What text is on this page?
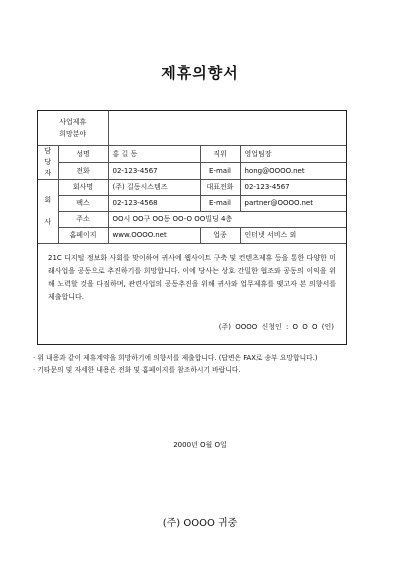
제휴의향서
사업제휴
희망분야				
담
당
자	성명	홍 길 동	직위	영업팀장
	전화	02-123-4567	E-mail	hong@OOOO.net
회

사	회사명	(주) 길동시스템즈	대표전화	02-123-4567
	팩스	02-123-4568	E-mail	partner@OOOO.net
	주소	OO시 OO구 OO동 OO-O OO빌딩 4층		
	홈페이지	www.OOOO.net	업종	인터넷 서비스 외
21C 디지털 정보화 사회를 맞이하여 귀사에 웹사이트 구축 및 컨텐츠제휴 등을 통한 다양한 미래사업을 공동으로 추진하기를 희망합니다. 이에 당사는 상호 간밀한 협조와 공동의 이익을 위해 노력할 것을 다짐하며, 관련사업의 공동추진을 위해 귀사와 업무제휴를 맺고자 본 의향서를 제출합니다.
(주) OOOO 신청인 : O O O (인)

· 위 내용과 같이 제휴계약을 희망하기에 의향서를 제출합니다. (답변은 FAX로 송부 요망합니다.)

· 기타문의 및 자세한 내용은 전화 및 홈페이지를 참조하시기 바랍니다.

2000년 O월 O일
(주) OOOO 귀중
